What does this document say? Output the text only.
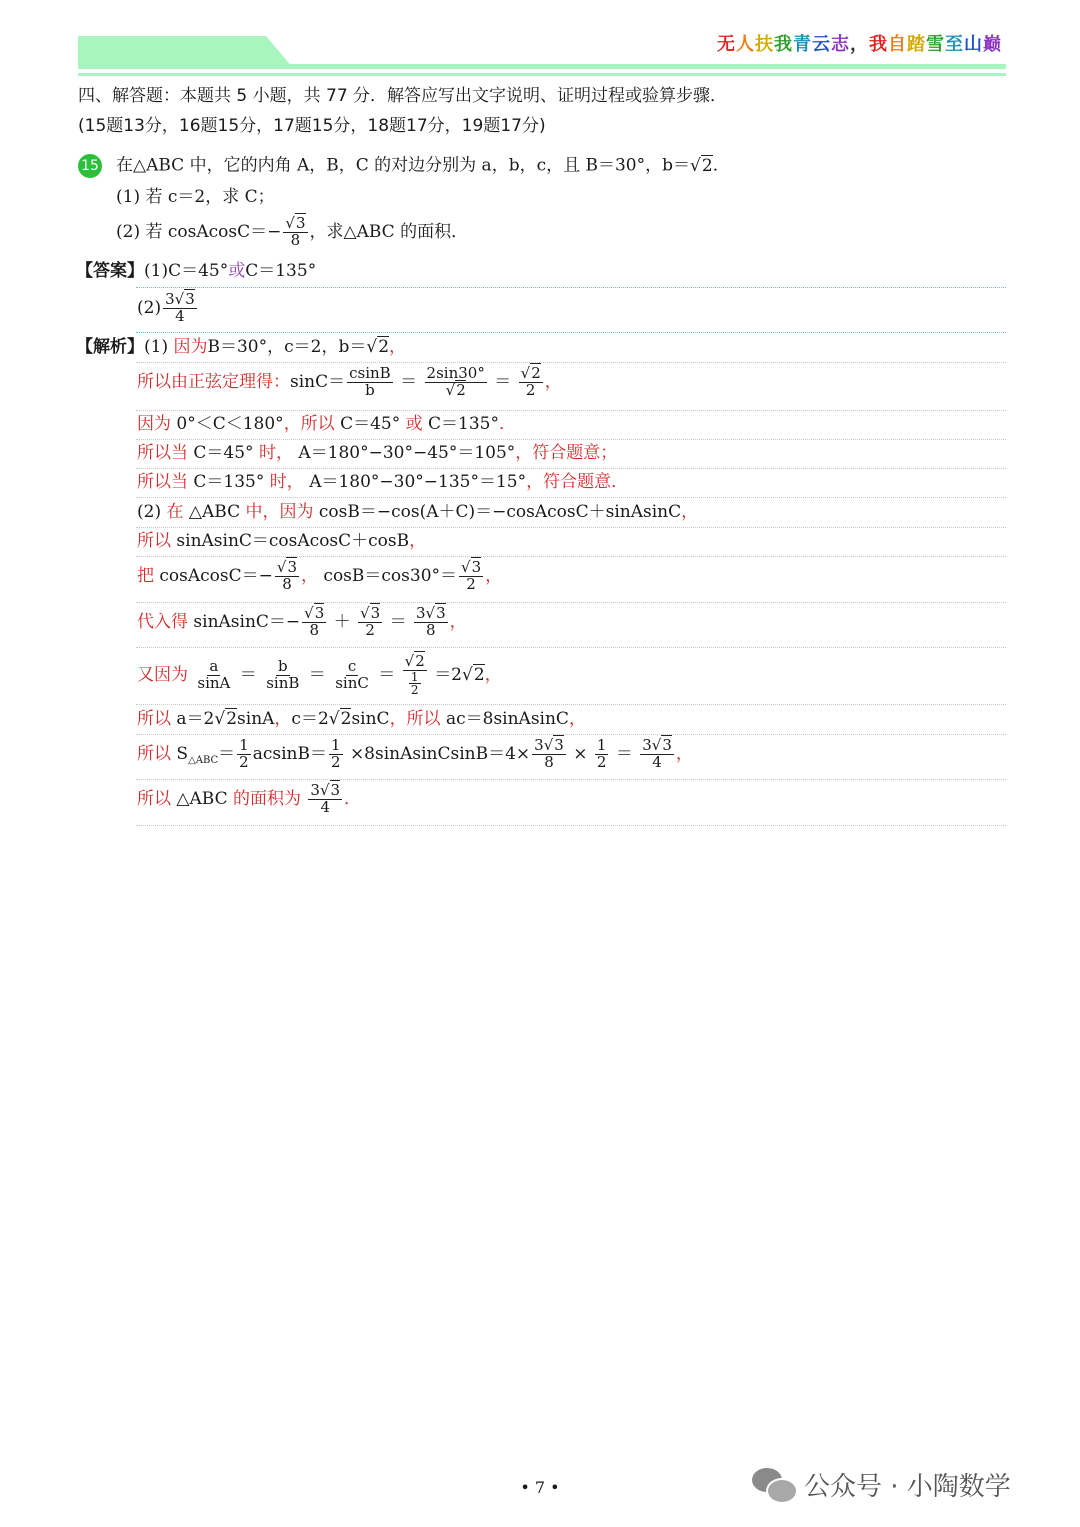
无人扶我青云志，我自踏雪至山巅
四、解答题：本题共 5 小题，共 77 分．解答应写出文字说明、证明过程或验算步骤．
(15题13分，16题15分，17题15分，18题17分，19题17分)
15 在△ABC 中，它的内角 A，B，C 的对边分别为 a，b，c，且 B＝30°，b＝√2．
(1) 若 c＝2，求 C；
(2) 若 cosAcosC＝− $\frac{√3}{8}$ ，求△ABC 的面积．
【答案】(1)C＝45°或C＝135°
$(2) \frac{3√3}{4}$
【解析】(1) 因为B＝30°，c＝2，b＝√2，
所以由正弦定理得：$\sin C= \frac{csinB}{b} = \frac{2\sin 30^\circ}{√2} = \frac{√2}{2}$ ，
因为 0°＜C＜180°，所以 C＝45° 或 C＝135°．
所以当 C＝45° 时， A＝180°−30°−45°＝105°，符合题意；
所以当 C＝135° 时， A＝180°−30°−135°＝15°，符合题意．
(2) 在 △ABC 中，因为 cosB＝−cos(A＋C)＝−cosAcosC＋sinAsinC，
所以 sinAsinC＝cosAcosC＋cosB，
把 cosAcosC＝− $\frac{√3}{8}$ ， $\cos B=\cos 30^\circ= \frac{√3}{2}$ ，
代入得 sinAsinC＝− $\frac{√3}{8} + \frac{√3}{2} = \frac{3√3}{8}$ ，
又因为 $\frac{a}{\sin A} = \frac{b}{\sin B} = \frac{c}{\sin C} = \frac{√2}{\frac{1}{2}} =2√2$，
所以 a＝2√2sinA，c＝2√2sinC，所以 ac＝8sinAsinC，
所以 $S_{\triangle ABC}= \frac{1}{2} acsinB= \frac{1}{2}$ ×8sinAsinCsinB＝4× $\frac{3√3}{8} \times \frac{1}{2} = \frac{3√3}{4}$ ，
所以 △ABC 的面积为 $\frac{3√3}{4}$ ．
• 7 •	公众号 · 小陶数学
